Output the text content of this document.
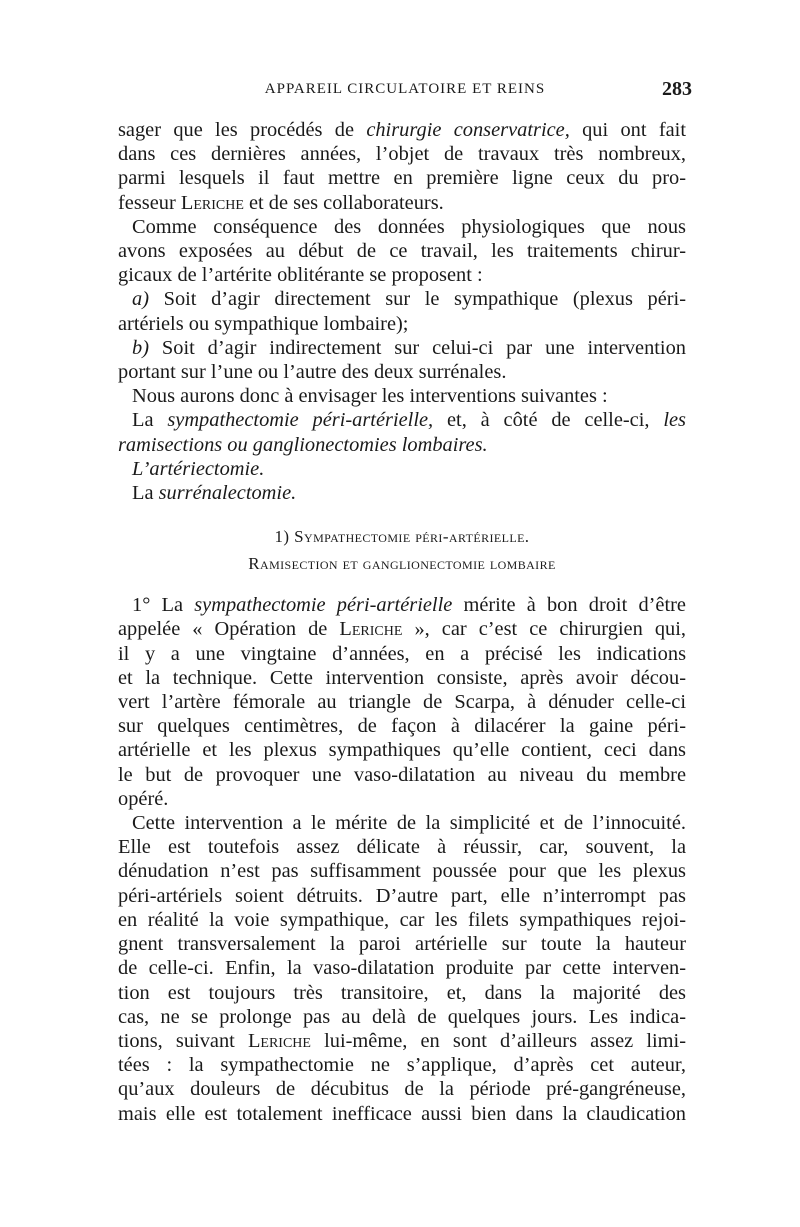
APPAREIL CIRCULATOIRE ET REINS	283
sager que les procédés de chirurgie conservatrice, qui ont fait
dans ces dernières années, l’objet de travaux très nombreux,
parmi lesquels il faut mettre en première ligne ceux du pro-
fesseur Leriche et de ses collaborateurs.
Comme conséquence des données physiologiques que nous
avons exposées au début de ce travail, les traitements chirur-
gicaux de l’artérite oblitérante se proposent :
a) Soit d’agir directement sur le sympathique (plexus péri-
artériels ou sympathique lombaire);
b) Soit d’agir indirectement sur celui-ci par une intervention
portant sur l’une ou l’autre des deux surrénales.
Nous aurons donc à envisager les interventions suivantes :
La sympathectomie péri-artérielle, et, à côté de celle-ci, les
ramisections ou ganglionectomies lombaires.
L’artériectomie.
La surrénalectomie.
1) Sympathectomie péri-artérielle.
Ramisection et ganglionectomie lombaire
1° La sympathectomie péri-artérielle mérite à bon droit d’être
appelée « Opération de Leriche », car c’est ce chirurgien qui,
il y a une vingtaine d’années, en a précisé les indications
et la technique. Cette intervention consiste, après avoir décou-
vert l’artère fémorale au triangle de Scarpa, à dénuder celle-ci
sur quelques centimètres, de façon à dilacérer la gaine péri-
artérielle et les plexus sympathiques qu’elle contient, ceci dans
le but de provoquer une vaso-dilatation au niveau du membre
opéré.
Cette intervention a le mérite de la simplicité et de l’innocuité.
Elle est toutefois assez délicate à réussir, car, souvent, la
dénudation n’est pas suffisamment poussée pour que les plexus
péri-artériels soient détruits. D’autre part, elle n’interrompt pas
en réalité la voie sympathique, car les filets sympathiques rejoi-
gnent transversalement la paroi artérielle sur toute la hauteur
de celle-ci. Enfin, la vaso-dilatation produite par cette interven-
tion est toujours très transitoire, et, dans la majorité des
cas, ne se prolonge pas au delà de quelques jours. Les indica-
tions, suivant Leriche lui-même, en sont d’ailleurs assez limi-
tées : la sympathectomie ne s’applique, d’après cet auteur,
qu’aux douleurs de décubitus de la période pré-gangréneuse,
mais elle est totalement inefficace aussi bien dans la claudication
